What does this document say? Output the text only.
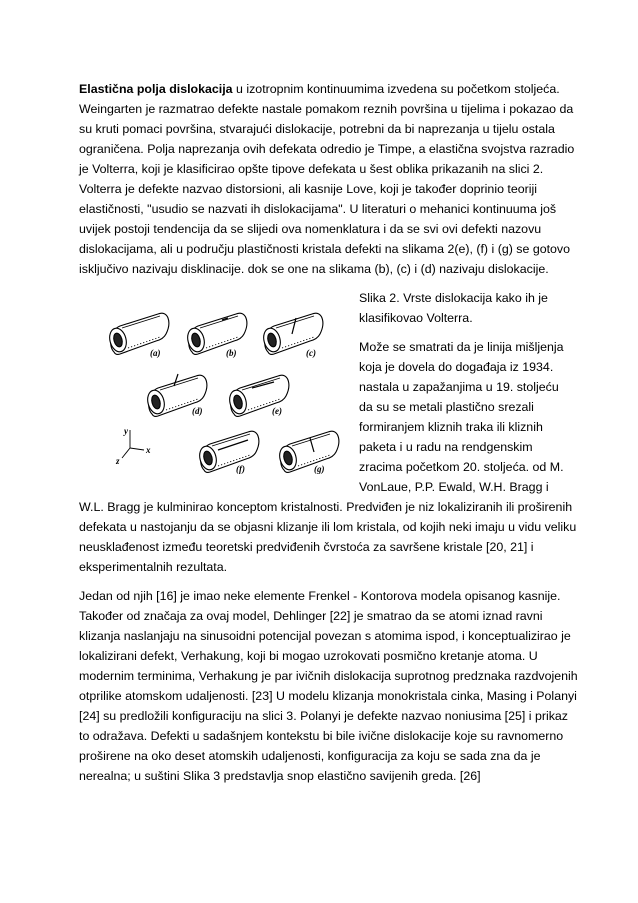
Elastična polja dislokacija u izotropnim kontinuumima izvedena su početkom stoljeća.
Weingarten je razmatrao defekte nastale pomakom reznih površina u tijelima i pokazao da
su kruti pomaci površina, stvarajući dislokacije, potrebni da bi naprezanja u tijelu ostala
ograničena. Polja naprezanja ovih defekata odredio je Timpe, a elastična svojstva razradio
je Volterra, koji je klasificirao opšte tipove defekata u šest oblika prikazanih na slici 2.
Volterra je defekte nazvao distorsioni, ali kasnije Love, koji je također doprinio teoriji
elastičnosti, "usudio se nazvati ih dislokacijama". U literaturi o mehanici kontinuuma još
uvijek postoji tendencija da se slijedi ova nomenklatura i da se svi ovi defekti nazovu
dislokacijama, ali u području plastičnosti kristala defekti na slikama 2(e), (f) i (g) se gotovo
isključivo nazivaju disklinacije. dok se one na slikama (b), (c) i (d) nazivaju dislokacije.
Slika 2. Vrste dislokacija kako ih je
klasifikovao Volterra.
Može se smatrati da je linija mišljenja
koja je dovela do događaja iz 1934.
nastala u zapažanjima u 19. stoljeću
da su se metali plastično srezali
formiranjem kliznih traka ili kliznih
paketa i u radu na rendgenskim
zracima početkom 20. stoljeća. od M.
VonLaue, P.P. Ewald, W.H. Bragg i
W.L. Bragg je kulminirao konceptom kristalnosti. Predviđen je niz lokaliziranih ili proširenih
defekata u nastojanju da se objasni klizanje ili lom kristala, od kojih neki imaju u vidu veliku
neusklađenost između teoretski predviđenih čvrstoća za savršene kristale [20, 21] i
eksperimentalnih rezultata.
Jedan od njih [16] je imao neke elemente Frenkel - Kontorova modela opisanog kasnije.
Također od značaja za ovaj model, Dehlinger [22] je smatrao da se atomi iznad ravni
klizanja naslanjaju na sinusoidni potencijal povezan s atomima ispod, i konceptualizirao je
lokalizirani defekt, Verhakung, koji bi mogao uzrokovati posmično kretanje atoma. U
modernim terminima, Verhakung je par ivičnih dislokacija suprotnog predznaka razdvojenih
otprilike atomskom udaljenosti. [23] U modelu klizanja monokristala cinka, Masing i Polanyi
[24] su predložili konfiguraciju na slici 3. Polanyi je defekte nazvao noniusima [25] i prikaz
to odražava. Defekti u sadašnjem kontekstu bi bile ivične dislokacije koje su ravnomerno
proširene na oko deset atomskih udaljenosti, konfiguracija za koju se sada zna da je
nerealna; u suštini Slika 3 predstavlja snop elastično savijenih greda. [26]
(a)	(b)	(c)
(d)	(e)
(f)	(g)
y
x
z
